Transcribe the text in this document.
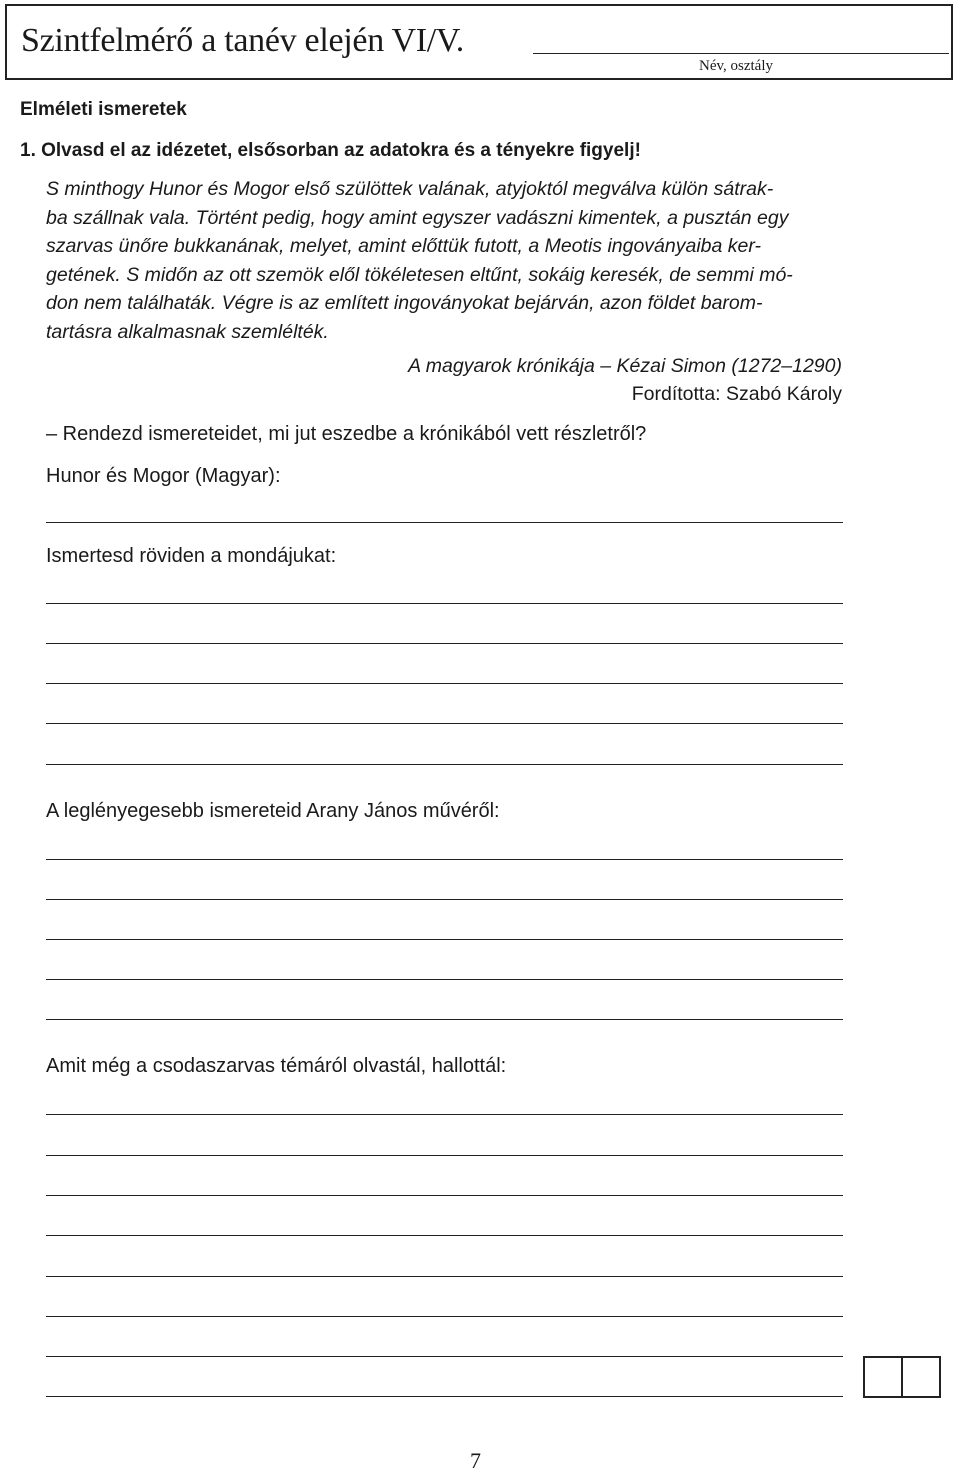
Szintfelmérő a tanév elején VI/V.
Név, osztály
Elméleti ismeretek
1. Olvasd el az idézetet, elsősorban az adatokra és a tényekre figyelj!
S minthogy Hunor és Mogor első szülöttek valának, atyjoktól megválva külön sátrak-
ba szállnak vala. Történt pedig, hogy amint egyszer vadászni kimentek, a pusztán egy
szarvas ünőre bukkanának, melyet, amint előttük futott, a Meotis ingoványaiba ker-
getének. S midőn az ott szemök elől tökéletesen eltűnt, sokáig keresék, de semmi mó-
don nem találhaták. Végre is az említett ingoványokat bejárván, azon földet barom-
tartásra alkalmasnak szemlélték.
A magyarok krónikája – Kézai Simon (1272–1290)
Fordította: Szabó Károly
– Rendezd ismereteidet, mi jut eszedbe a krónikából vett részletről?
Hunor és Mogor (Magyar):
Ismertesd röviden a mondájukat:
A leglényegesebb ismereteid Arany János művéről:
Amit még a csodaszarvas témáról olvastál, hallottál:
7
